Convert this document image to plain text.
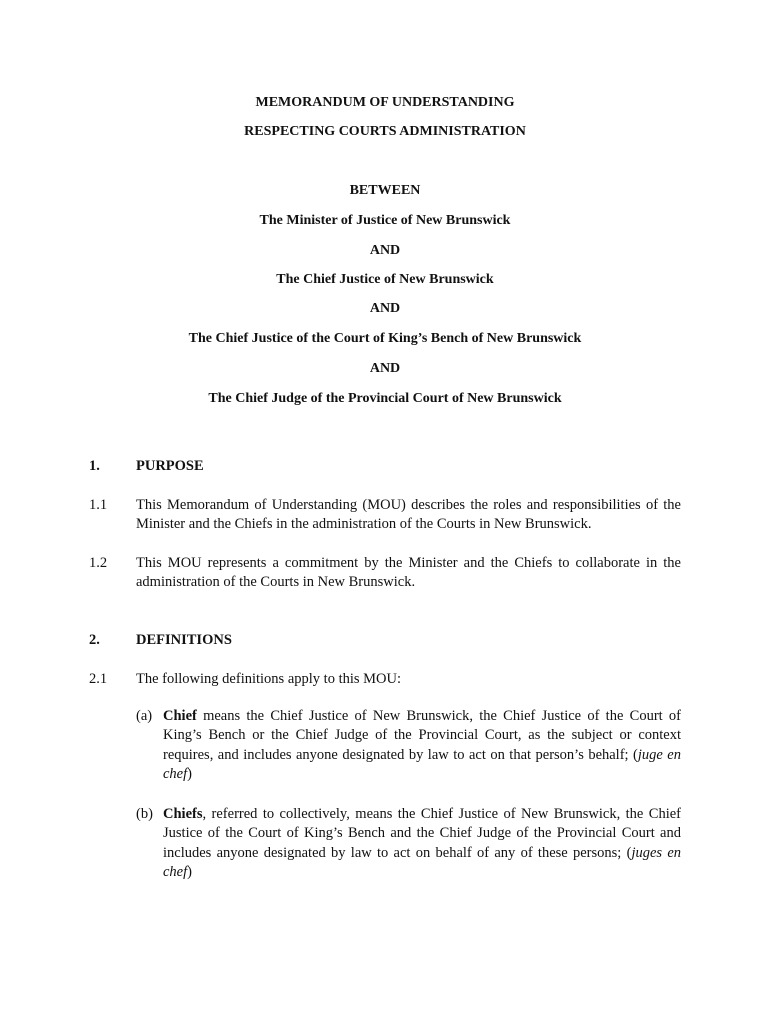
MEMORANDUM OF UNDERSTANDING
RESPECTING COURTS ADMINISTRATION
BETWEEN
The Minister of Justice of New Brunswick
AND
The Chief Justice of New Brunswick
AND
The Chief Justice of the Court of King’s Bench of New Brunswick
AND
The Chief Judge of the Provincial Court of New Brunswick
1. PURPOSE
1.1 This Memorandum of Understanding (MOU) describes the roles and responsibilities of the Minister and the Chiefs in the administration of the Courts in New Brunswick.
1.2 This MOU represents a commitment by the Minister and the Chiefs to collaborate in the administration of the Courts in New Brunswick.
2. DEFINITIONS
2.1 The following definitions apply to this MOU:
(a) Chief means the Chief Justice of New Brunswick, the Chief Justice of the Court of King’s Bench or the Chief Judge of the Provincial Court, as the subject or context requires, and includes anyone designated by law to act on that person’s behalf; (juge en chef)
(b) Chiefs, referred to collectively, means the Chief Justice of New Brunswick, the Chief Justice of the Court of King’s Bench and the Chief Judge of the Provincial Court and includes anyone designated by law to act on behalf of any of these persons; (juges en chef)
